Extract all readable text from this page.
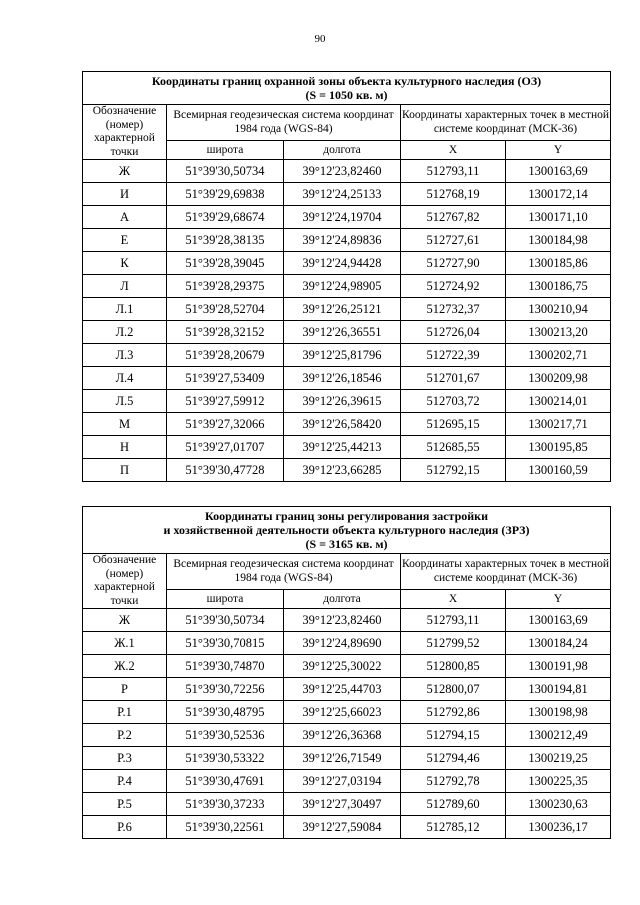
90
Координаты границ охранной зоны объекта культурного наследия (ОЗ)
(S = 1050 кв. м)				

Обозначение (номер) характерной точки	Всемирная геодезическая система координат 1984 года (WGS-84)		Координаты характерных точек в местной системе координат (МСК-36)	
	широта	долгота	X	Y
Ж	51°39'30,50734	39°12'23,82460	512793,11	1300163,69
И	51°39'29,69838	39°12'24,25133	512768,19	1300172,14
А	51°39'29,68674	39°12'24,19704	512767,82	1300171,10
Е	51°39'28,38135	39°12'24,89836	512727,61	1300184,98
К	51°39'28,39045	39°12'24,94428	512727,90	1300185,86
Л	51°39'28,29375	39°12'24,98905	512724,92	1300186,75
Л.1	51°39'28,52704	39°12'26,25121	512732,37	1300210,94
Л.2	51°39'28,32152	39°12'26,36551	512726,04	1300213,20
Л.3	51°39'28,20679	39°12'25,81796	512722,39	1300202,71
Л.4	51°39'27,53409	39°12'26,18546	512701,67	1300209,98
Л.5	51°39'27,59912	39°12'26,39615	512703,72	1300214,01
М	51°39'27,32066	39°12'26,58420	512695,15	1300217,71
Н	51°39'27,01707	39°12'25,44213	512685,55	1300195,85
П	51°39'30,47728	39°12'23,66285	512792,15	1300160,59
Координаты границ зоны регулирования застройки
и хозяйственной деятельности объекта культурного наследия (ЗРЗ)
(S = 3165 кв. м)				

Обозначение (номер) характерной точки	Всемирная геодезическая система координат 1984 года (WGS-84)		Координаты характерных точек в местной системе координат (МСК-36)	
	широта	долгота	X	Y
Ж	51°39'30,50734	39°12'23,82460	512793,11	1300163,69
Ж.1	51°39'30,70815	39°12'24,89690	512799,52	1300184,24
Ж.2	51°39'30,74870	39°12'25,30022	512800,85	1300191,98
Р	51°39'30,72256	39°12'25,44703	512800,07	1300194,81
Р.1	51°39'30,48795	39°12'25,66023	512792,86	1300198,98
Р.2	51°39'30,52536	39°12'26,36368	512794,15	1300212,49
Р.3	51°39'30,53322	39°12'26,71549	512794,46	1300219,25
Р.4	51°39'30,47691	39°12'27,03194	512792,78	1300225,35
Р.5	51°39'30,37233	39°12'27,30497	512789,60	1300230,63
Р.6	51°39'30,22561	39°12'27,59084	512785,12	1300236,17
